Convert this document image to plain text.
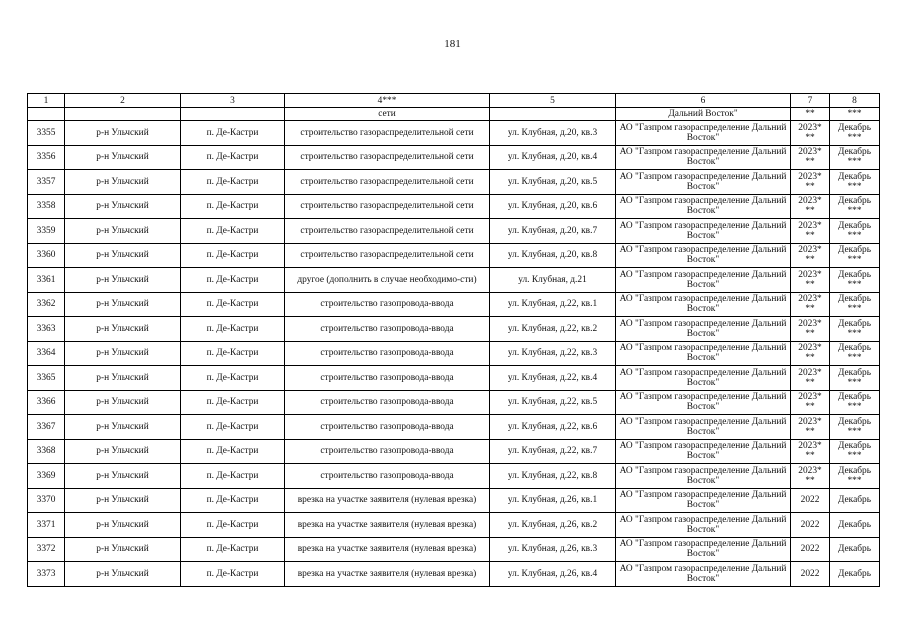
181
1	2	3	4***	5	6	7	8
			сети		Дальний Восток"	**	***
3355	р-н Ульчский	п. Де-Кастри	строительство газораспределительной сети	ул. Клубная, д.20, кв.3	АО "Газпром газораспределение Дальний Восток"	2023* **	Декабрь ***
3356	р-н Ульчский	п. Де-Кастри	строительство газораспределительной сети	ул. Клубная, д.20, кв.4	АО "Газпром газораспределение Дальний Восток"	2023* **	Декабрь ***
3357	р-н Ульчский	п. Де-Кастри	строительство газораспределительной сети	ул. Клубная, д.20, кв.5	АО "Газпром газораспределение Дальний Восток"	2023* **	Декабрь ***
3358	р-н Ульчский	п. Де-Кастри	строительство газораспределительной сети	ул. Клубная, д.20, кв.6	АО "Газпром газораспределение Дальний Восток"	2023* **	Декабрь ***
3359	р-н Ульчский	п. Де-Кастри	строительство газораспределительной сети	ул. Клубная, д.20, кв.7	АО "Газпром газораспределение Дальний Восток"	2023* **	Декабрь ***
3360	р-н Ульчский	п. Де-Кастри	строительство газораспределительной сети	ул. Клубная, д.20, кв.8	АО "Газпром газораспределение Дальний Восток"	2023* **	Декабрь ***
3361	р-н Ульчский	п. Де-Кастри	другое (дополнить в случае необходимо-сти)	ул. Клубная, д.21	АО "Газпром газораспределение Дальний Восток"	2023* **	Декабрь ***
3362	р-н Ульчский	п. Де-Кастри	строительство газопровода-ввода	ул. Клубная, д.22, кв.1	АО "Газпром газораспределение Дальний Восток"	2023* **	Декабрь ***
3363	р-н Ульчский	п. Де-Кастри	строительство газопровода-ввода	ул. Клубная, д.22, кв.2	АО "Газпром газораспределение Дальний Восток"	2023* **	Декабрь ***
3364	р-н Ульчский	п. Де-Кастри	строительство газопровода-ввода	ул. Клубная, д.22, кв.3	АО "Газпром газораспределение Дальний Восток"	2023* **	Декабрь ***
3365	р-н Ульчский	п. Де-Кастри	строительство газопровода-ввода	ул. Клубная, д.22, кв.4	АО "Газпром газораспределение Дальний Восток"	2023* **	Декабрь ***
3366	р-н Ульчский	п. Де-Кастри	строительство газопровода-ввода	ул. Клубная, д.22, кв.5	АО "Газпром газораспределение Дальний Восток"	2023* **	Декабрь ***
3367	р-н Ульчский	п. Де-Кастри	строительство газопровода-ввода	ул. Клубная, д.22, кв.6	АО "Газпром газораспределение Дальний Восток"	2023* **	Декабрь ***
3368	р-н Ульчский	п. Де-Кастри	строительство газопровода-ввода	ул. Клубная, д.22, кв.7	АО "Газпром газораспределение Дальний Восток"	2023* **	Декабрь ***
3369	р-н Ульчский	п. Де-Кастри	строительство газопровода-ввода	ул. Клубная, д.22, кв.8	АО "Газпром газораспределение Дальний Восток"	2023* **	Декабрь ***
3370	р-н Ульчский	п. Де-Кастри	врезка на участке заявителя (нулевая врезка)	ул. Клубная, д.26, кв.1	АО "Газпром газораспределение Дальний Восток"	2022	Декабрь
3371	р-н Ульчский	п. Де-Кастри	врезка на участке заявителя (нулевая врезка)	ул. Клубная, д.26, кв.2	АО "Газпром газораспределение Дальний Восток"	2022	Декабрь
3372	р-н Ульчский	п. Де-Кастри	врезка на участке заявителя (нулевая врезка)	ул. Клубная, д.26, кв.3	АО "Газпром газораспределение Дальний Восток"	2022	Декабрь
3373	р-н Ульчский	п. Де-Кастри	врезка на участке заявителя (нулевая врезка)	ул. Клубная, д.26, кв.4	АО "Газпром газораспределение Дальний Восток"	2022	Декабрь
